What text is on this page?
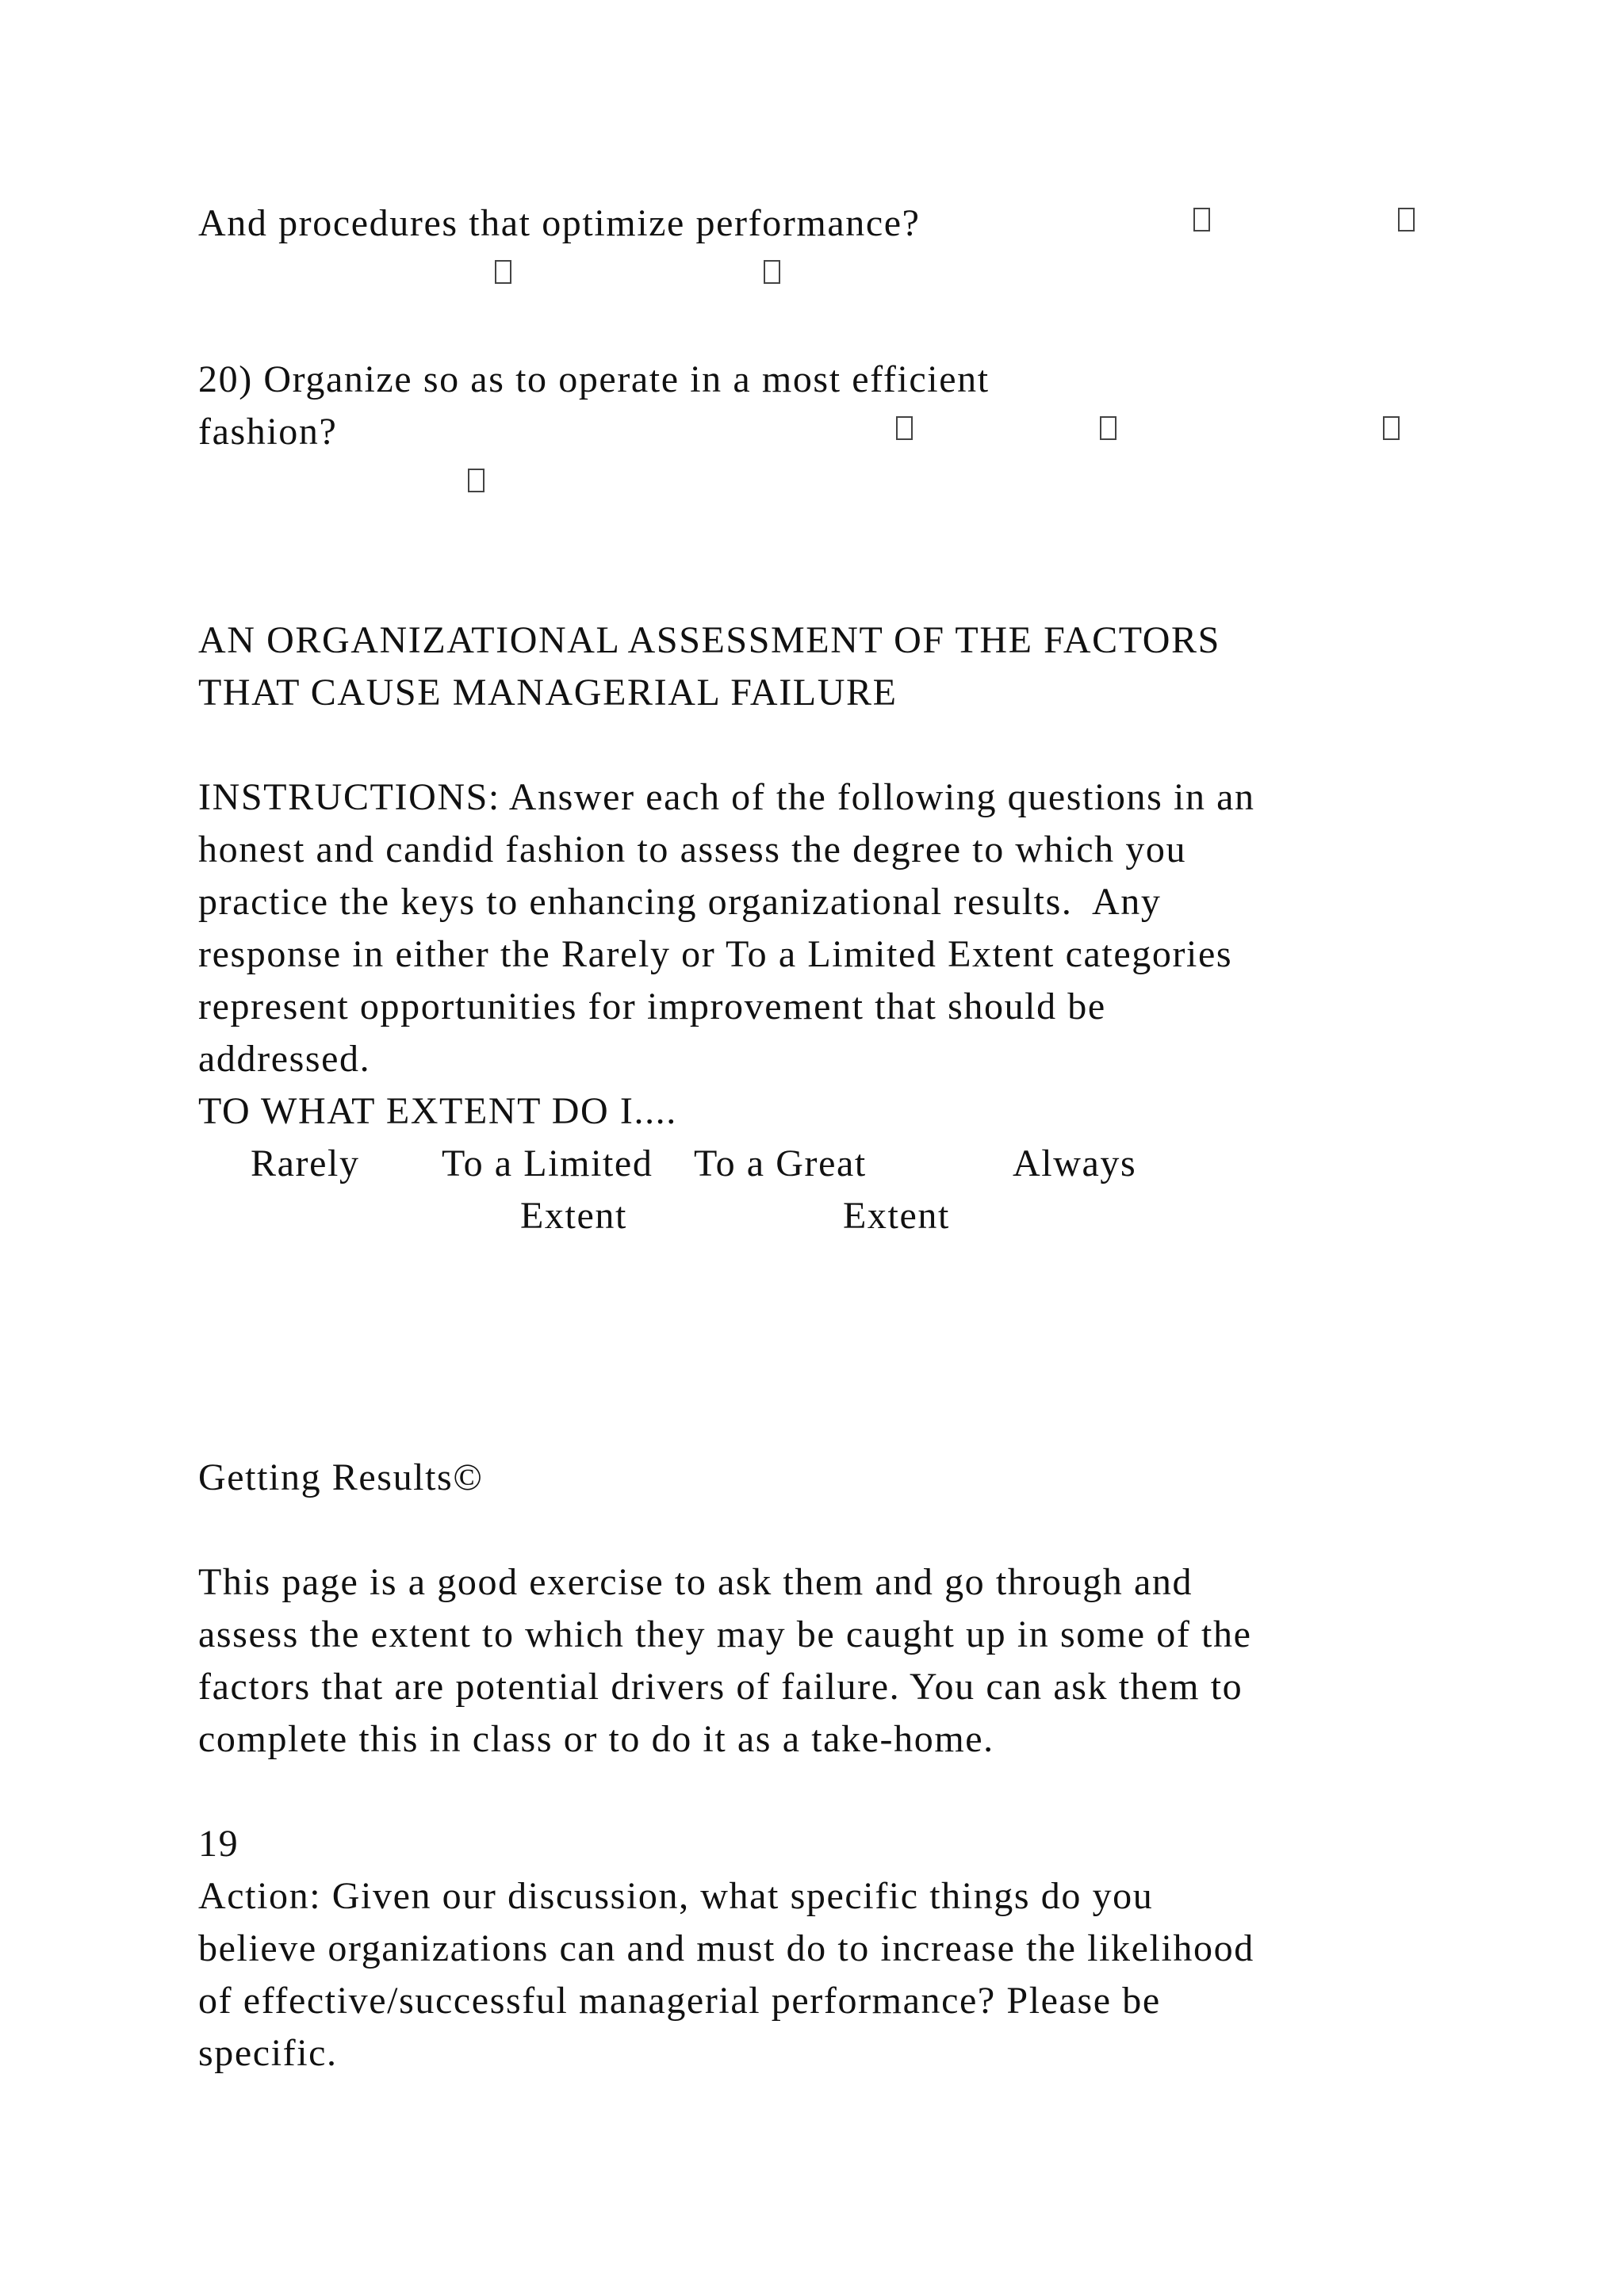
And procedures that optimize performance?
20) Organize so as to operate in a most efficient
fashion?
AN ORGANIZATIONAL ASSESSMENT OF THE FACTORS
THAT CAUSE MANAGERIAL FAILURE
INSTRUCTIONS: Answer each of the following questions in an
honest and candid fashion to assess the degree to which you
practice the keys to enhancing organizational results.  Any
response in either the Rarely or To a Limited Extent categories
represent opportunities for improvement that should be
addressed.
TO WHAT EXTENT DO I....
Rarely To a Limited
Extent
To a Great
Extent
Always
Getting Results©
This page is a good exercise to ask them and go through and
assess the extent to which they may be caught up in some of the
factors that are potential drivers of failure. You can ask them to
complete this in class or to do it as a take-home.
19
Action: Given our discussion, what specific things do you
believe organizations can and must do to increase the likelihood
of effective/successful managerial performance? Please be
specific.
